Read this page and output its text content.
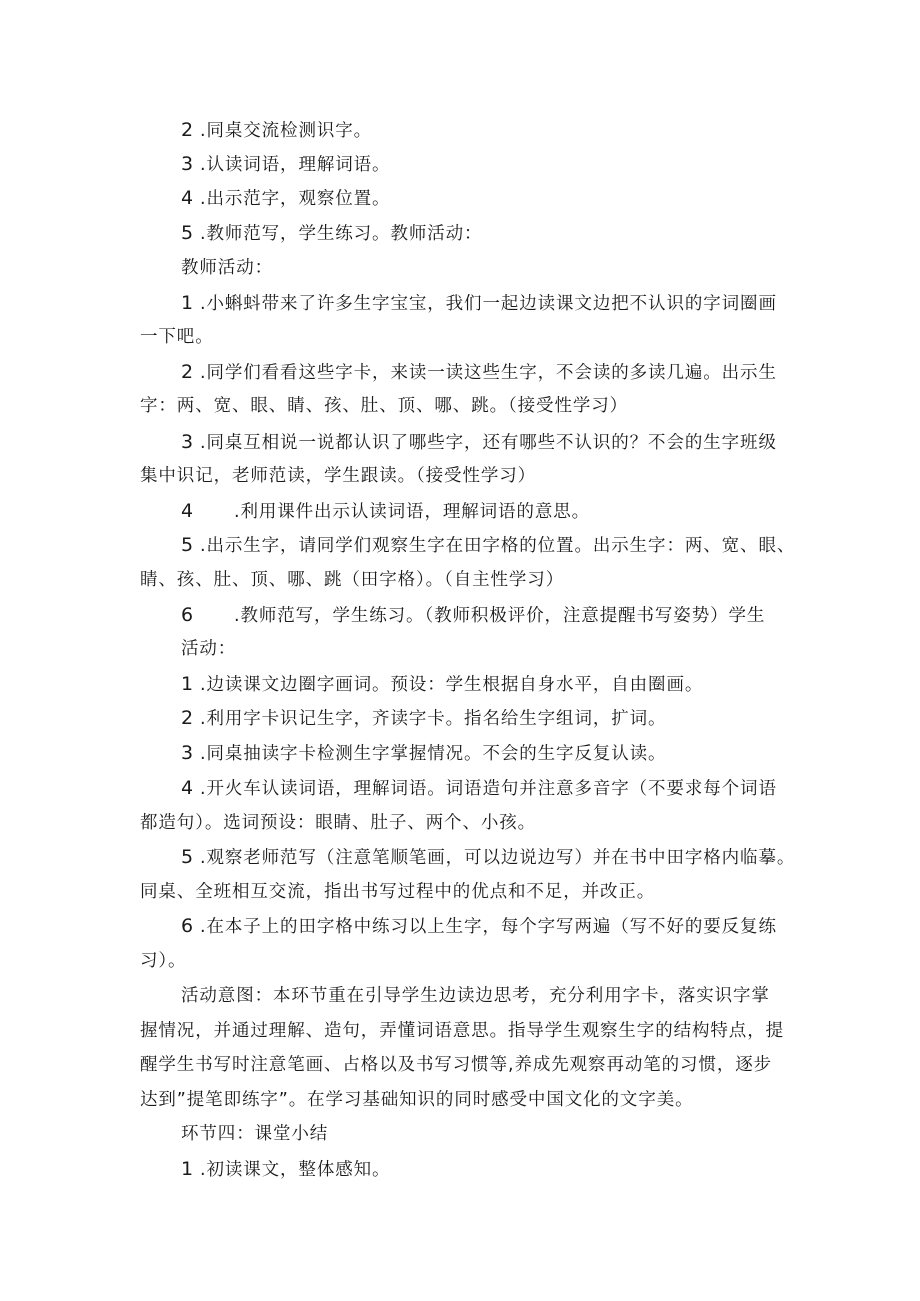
2 .同桌交流检测识字。
3 .认读词语，理解词语。
4 .出示范字，观察位置。
5 .教师范写，学生练习。教师活动：
教师活动：
1 .小蝌蚪带来了许多生字宝宝，我们一起边读课文边把不认识的字词圈画
一下吧。
2 .同学们看看这些字卡，来读一读这些生字，不会读的多读几遍。出示生
字：两、宽、眼、睛、孩、肚、顶、哪、跳。（接受性学习）
3 .同桌互相说一说都认识了哪些字，还有哪些不认识的？不会的生字班级
集中识记，老师范读，学生跟读。（接受性学习）
4 .利用课件出示认读词语，理解词语的意思。
5 .出示生字，请同学们观察生字在田字格的位置。出示生字：两、宽、眼、
睛、孩、肚、顶、哪、跳（田字格）。（自主性学习）
6 .教师范写，学生练习。（教师积极评价，注意提醒书写姿势）学生
活动：
1 .边读课文边圈字画词。预设：学生根据自身水平，自由圈画。
2 .利用字卡识记生字，齐读字卡。指名给生字组词，扩词。
3 .同桌抽读字卡检测生字掌握情况。不会的生字反复认读。
4 .开火车认读词语，理解词语。词语造句并注意多音字（不要求每个词语
都造句）。选词预设：眼睛、肚子、两个、小孩。
5 .观察老师范写（注意笔顺笔画，可以边说边写）并在书中田字格内临摹。
同桌、全班相互交流，指出书写过程中的优点和不足，并改正。
6 .在本子上的田字格中练习以上生字，每个字写两遍（写不好的要反复练
习）。
活动意图：本环节重在引导学生边读边思考，充分利用字卡，落实识字掌
握情况，并通过理解、造句，弄懂词语意思。指导学生观察生字的结构特点，提
醒学生书写时注意笔画、占格以及书写习惯等,养成先观察再动笔的习惯，逐步
达到”提笔即练字”。在学习基础知识的同时感受中国文化的文字美。
环节四：课堂小结
1 .初读课文，整体感知。
